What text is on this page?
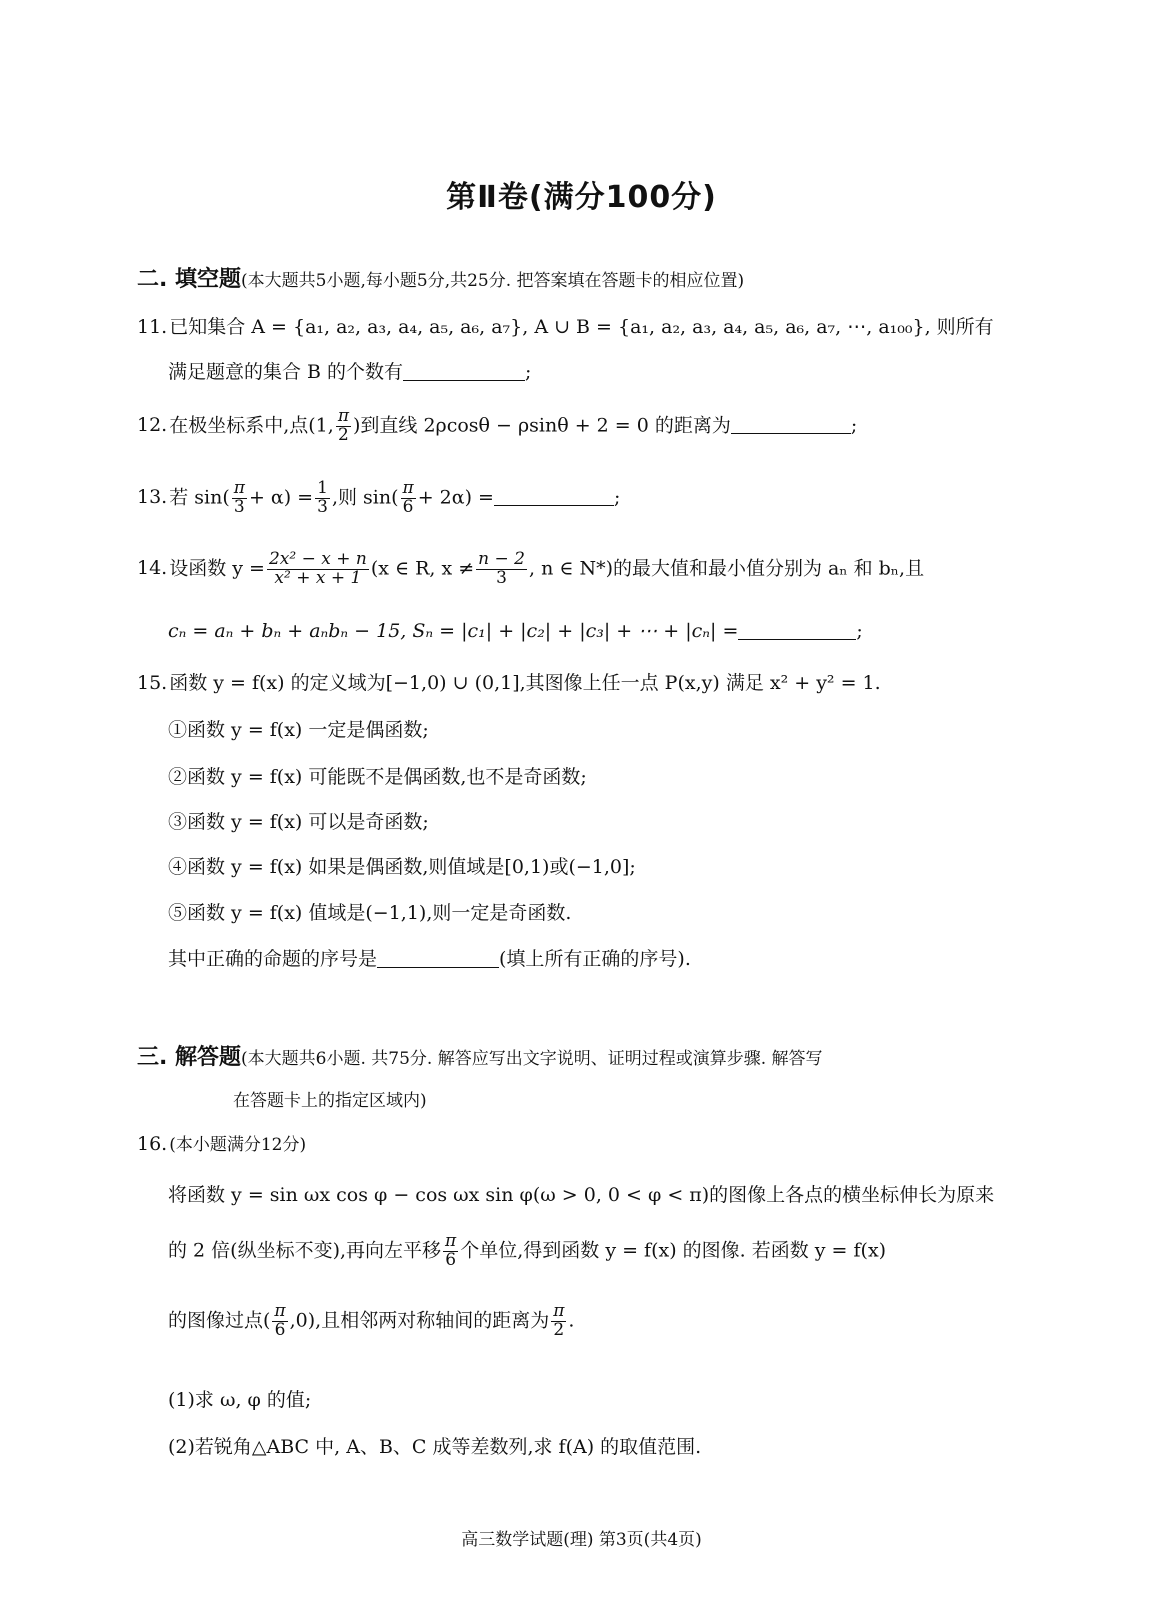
第Ⅱ卷(满分100分)
二. 填空题(本大题共5小题,每小题5分,共25分. 把答案填在答题卡的相应位置)
11. 已知集合 A = {a₁, a₂, a₃, a₄, a₅, a₆, a₇}, A ∪ B = {a₁, a₂, a₃, a₄, a₅, a₆, a₇, ⋯, a₁₀₀}, 则所有
满足题意的集合 B 的个数有	;
12. 在极坐标系中,点(1, $\frac{\pi}{2}$ )到直线 2ρcosθ − ρsinθ + 2 = 0 的距离为	;
13. 若 $\sin( \frac{\pi}{3} + \alpha) = \frac{1}{3}$ ,则 $\sin( \frac{\pi}{6} + 2\alpha)$ =	;
14. 设函数 $y = \frac{\text{2x² − x + n}}{\text{x² + x + 1}} (x$ ∈ R, $x \ne \frac{n - 2}{3}$ , n ∈ N*)的最大值和最小值分别为 aₙ 和 bₙ,且
cₙ = aₙ + bₙ + aₙbₙ − 15, Sₙ = |c₁| + |c₂| + |c₃| + ⋯ + |cₙ| =	;
15. 函数 y = f(x) 的定义域为[−1,0) ∪ (0,1],其图像上任一点 P(x,y) 满足 x² + y² = 1.
①函数 y = f(x) 一定是偶函数;
②函数 y = f(x) 可能既不是偶函数,也不是奇函数;
③函数 y = f(x) 可以是奇函数;
④函数 y = f(x) 如果是偶函数,则值域是[0,1)或(−1,0];
⑤函数 y = f(x) 值域是(−1,1),则一定是奇函数.
其中正确的命题的序号是	(填上所有正确的序号).
三. 解答题(本大题共6小题. 共75分. 解答应写出文字说明、证明过程或演算步骤. 解答写
在答题卡上的指定区域内)
16. (本小题满分12分)
将函数 y = sin ωx cos φ − cos ωx sin φ(ω > 0, 0 < φ < π)的图像上各点的横坐标伸长为原来
的 2 倍(纵坐标不变),再向左平移 $\frac{\pi}{6}$ 个单位,得到函数 y = f(x) 的图像. 若函数 y = f(x)
的图像过点( $\frac{\pi}{6} ,0$),且相邻两对称轴间的距离为 $\frac{\pi}{2}$ .
(1)求 ω, φ 的值;
(2)若锐角△ABC 中, A、B、C 成等差数列,求 f(A) 的取值范围.
高三数学试题(理) 第3页(共4页)
